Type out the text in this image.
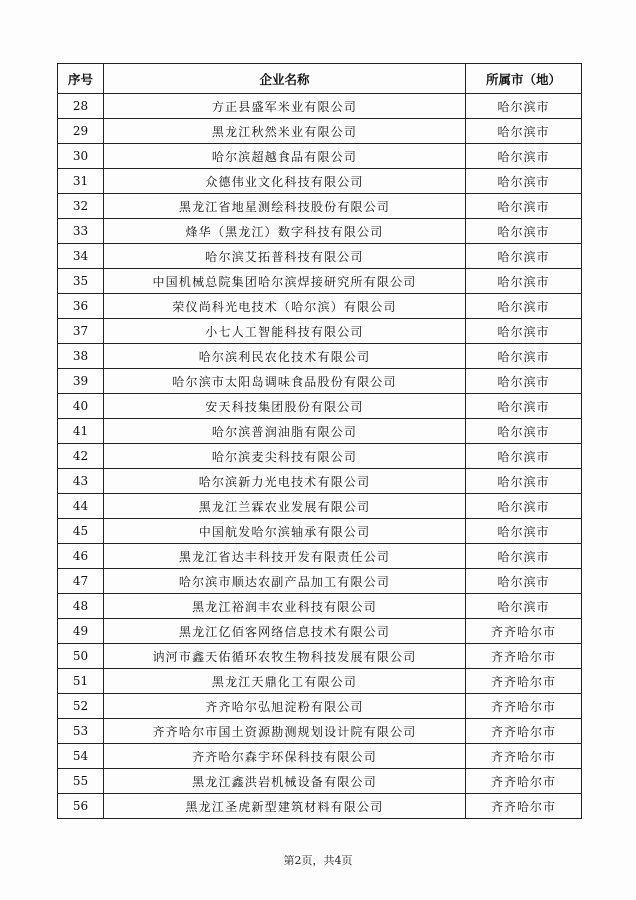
序号	企业名称	所属市（地）
28	方正县盛军米业有限公司	哈尔滨市
29	黑龙江秋然米业有限公司	哈尔滨市
30	哈尔滨超越食品有限公司	哈尔滨市
31	众德伟业文化科技有限公司	哈尔滨市
32	黑龙江省地星测绘科技股份有限公司	哈尔滨市
33	烽华（黑龙江）数字科技有限公司	哈尔滨市
34	哈尔滨艾拓普科技有限公司	哈尔滨市
35	中国机械总院集团哈尔滨焊接研究所有限公司	哈尔滨市
36	荣仪尚科光电技术（哈尔滨）有限公司	哈尔滨市
37	小七人工智能科技有限公司	哈尔滨市
38	哈尔滨利民农化技术有限公司	哈尔滨市
39	哈尔滨市太阳岛调味食品股份有限公司	哈尔滨市
40	安天科技集团股份有限公司	哈尔滨市
41	哈尔滨普润油脂有限公司	哈尔滨市
42	哈尔滨麦尖科技有限公司	哈尔滨市
43	哈尔滨新力光电技术有限公司	哈尔滨市
44	黑龙江兰霖农业发展有限公司	哈尔滨市
45	中国航发哈尔滨轴承有限公司	哈尔滨市
46	黑龙江省达丰科技开发有限责任公司	哈尔滨市
47	哈尔滨市顺达农副产品加工有限公司	哈尔滨市
48	黑龙江裕润丰农业科技有限公司	哈尔滨市
49	黑龙江亿佰客网络信息技术有限公司	齐齐哈尔市
50	讷河市鑫天佑循环农牧生物科技发展有限公司	齐齐哈尔市
51	黑龙江天鼎化工有限公司	齐齐哈尔市
52	齐齐哈尔弘旭淀粉有限公司	齐齐哈尔市
53	齐齐哈尔市国土资源勘测规划设计院有限公司	齐齐哈尔市
54	齐齐哈尔森宇环保科技有限公司	齐齐哈尔市
55	黑龙江鑫洪岩机械设备有限公司	齐齐哈尔市
56	黑龙江圣虎新型建筑材料有限公司	齐齐哈尔市
第2页，共4页
